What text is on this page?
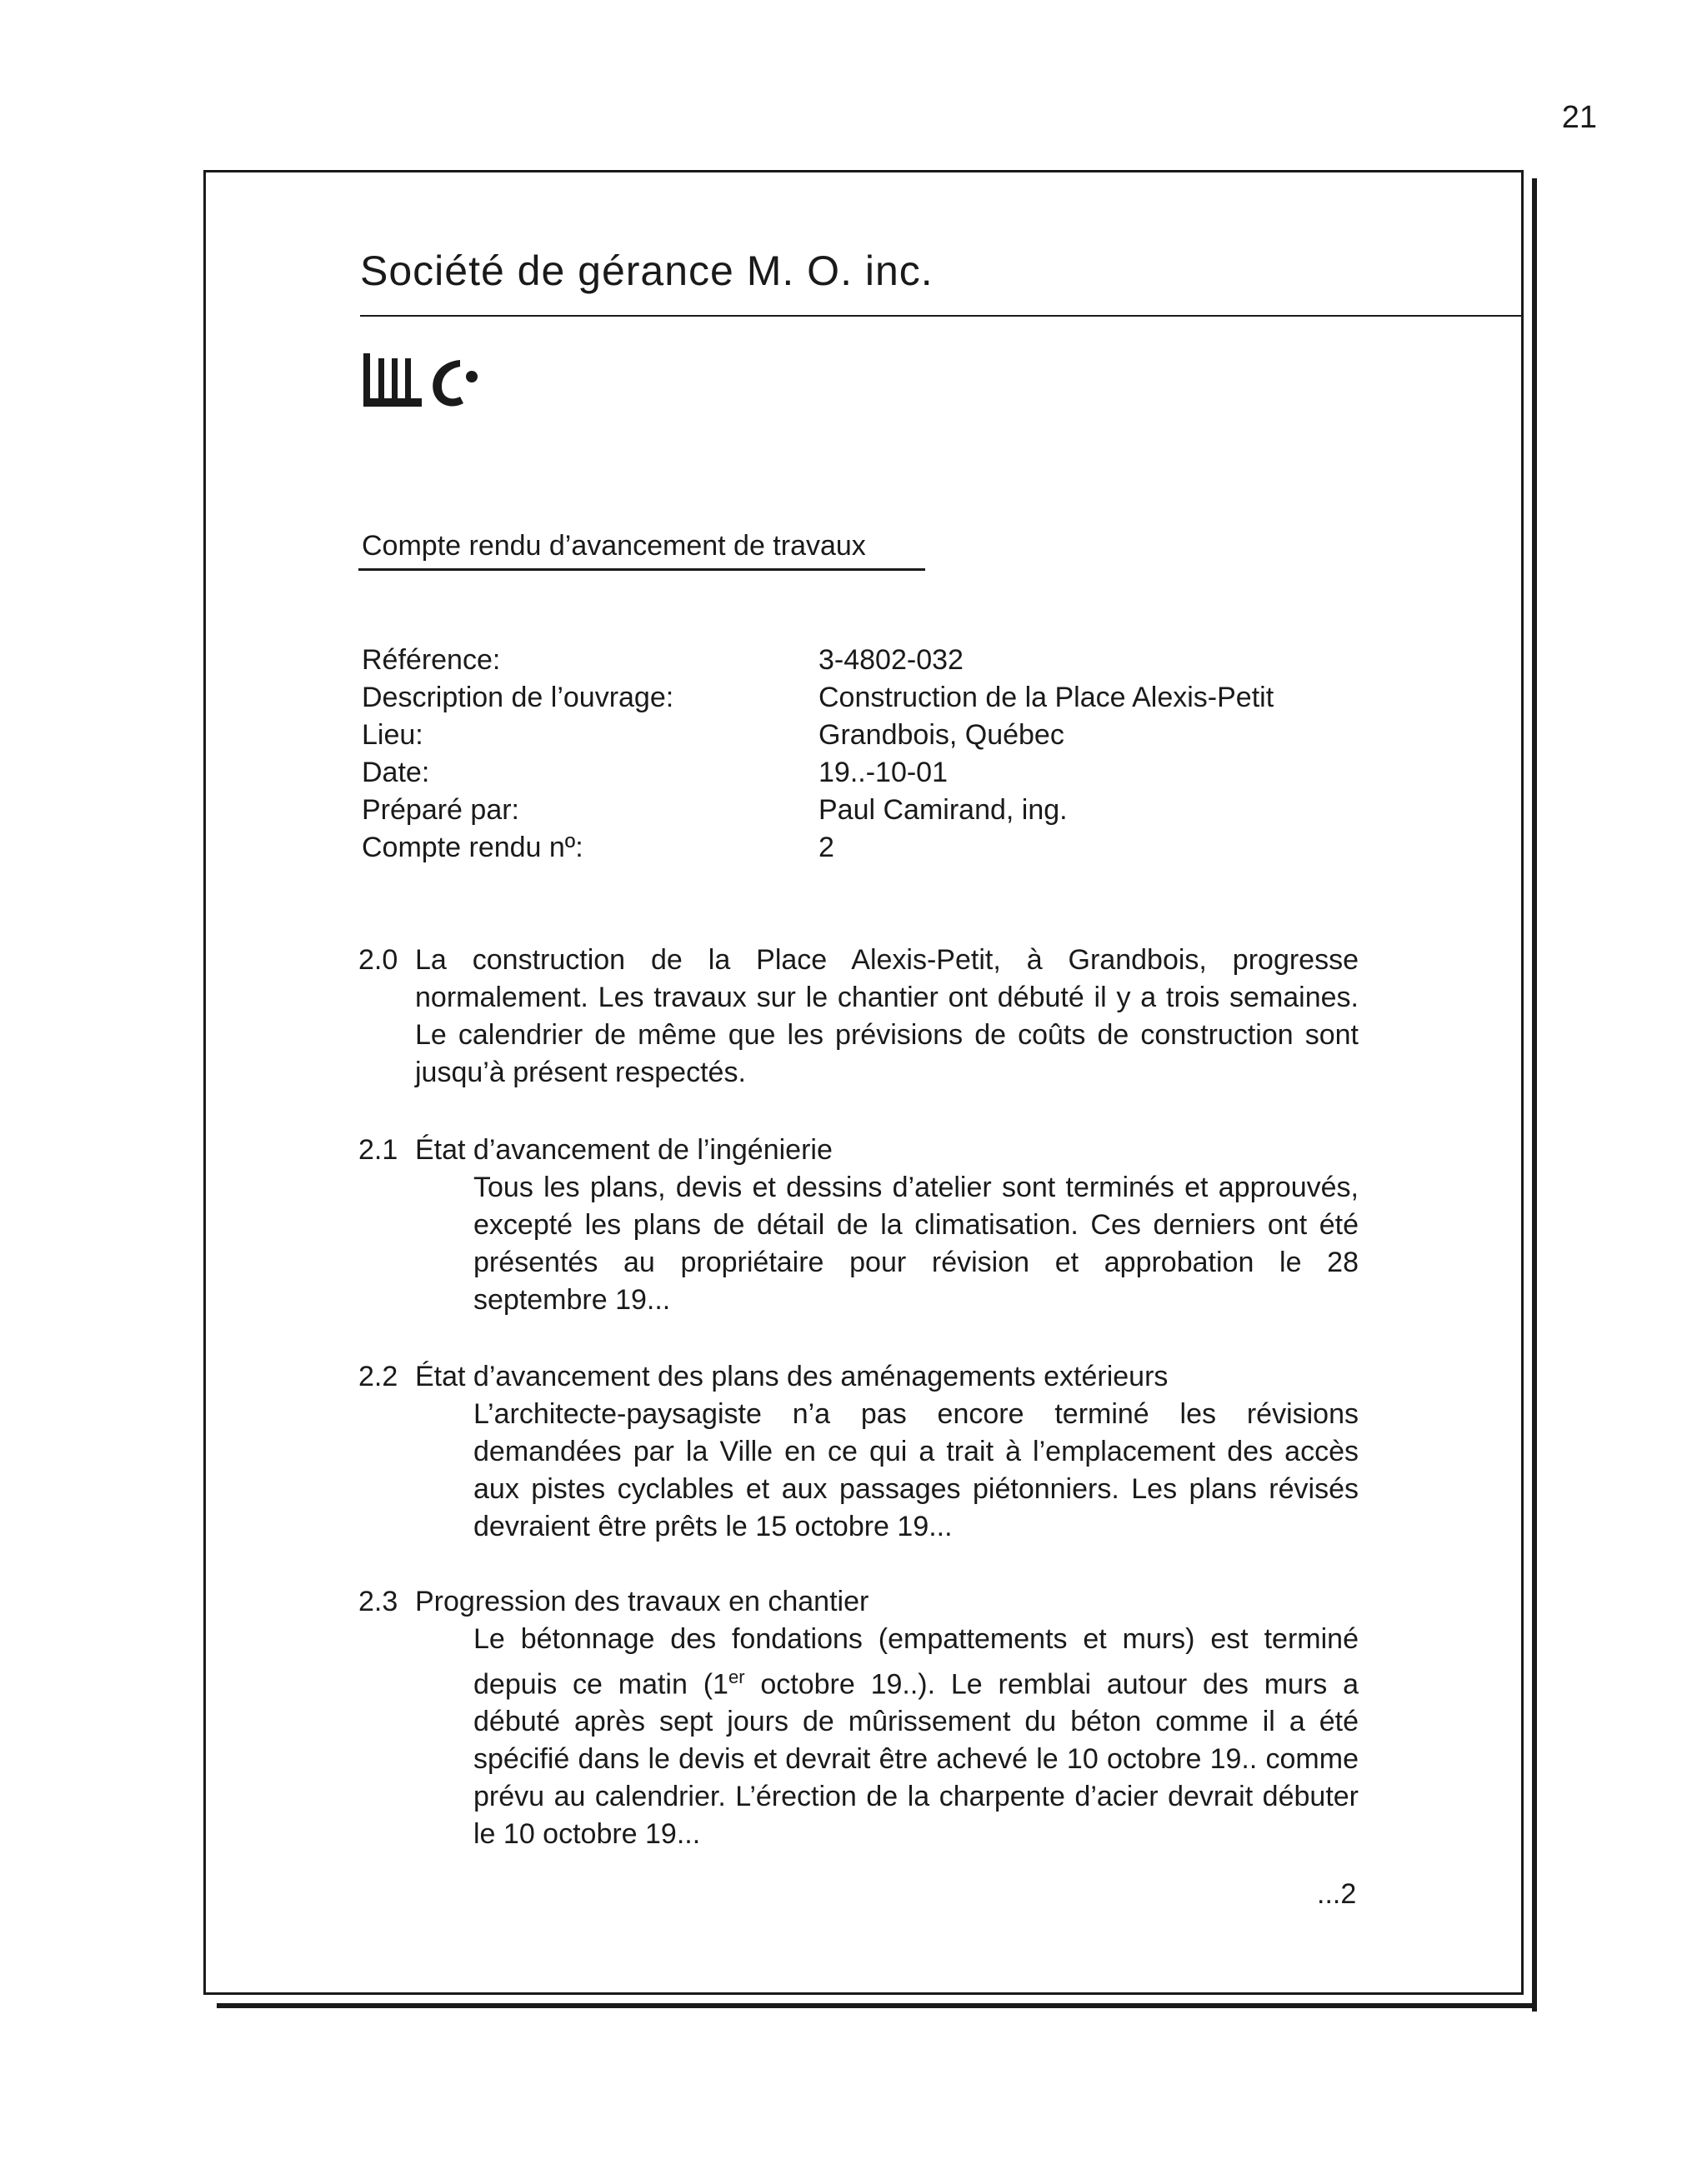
21
Société de gérance M. O. inc.
Compte rendu d’avancement de travaux
Référence:	3-4802-032
Description de l’ouvrage:	Construction de la Place Alexis-Petit
Lieu:	Grandbois, Québec
Date:	19..-10-01
Préparé par:	Paul Camirand, ing.
Compte rendu nº:	2
2.0 La construction de la Place Alexis-Petit, à Grandbois, progresse normalement. Les travaux sur le chantier ont débuté il y a trois semaines. Le calendrier de même que les prévisions de coûts de construction sont jusqu’à présent respectés.
2.1 État d’avancement de l’ingénierie
Tous les plans, devis et dessins d’atelier sont terminés et approuvés, excepté les plans de détail de la climatisation. Ces derniers ont été présentés au propriétaire pour révision et approbation le 28 septembre 19...
2.2 État d’avancement des plans des aménagements extérieurs
L’architecte-paysagiste n’a pas encore terminé les révisions demandées par la Ville en ce qui a trait à l’emplacement des accès aux pistes cyclables et aux passages piétonniers. Les plans révisés devraient être prêts le 15 octobre 19...
2.3 Progression des travaux en chantier
Le bétonnage des fondations (empattements et murs) est terminé depuis ce matin (1er octobre 19..). Le remblai autour des murs a débuté après sept jours de mûrissement du béton comme il a été spécifié dans le devis et devrait être achevé le 10 octobre 19.. comme prévu au calendrier. L’érection de la charpente d’acier devrait débuter le 10 octobre 19...
...2
